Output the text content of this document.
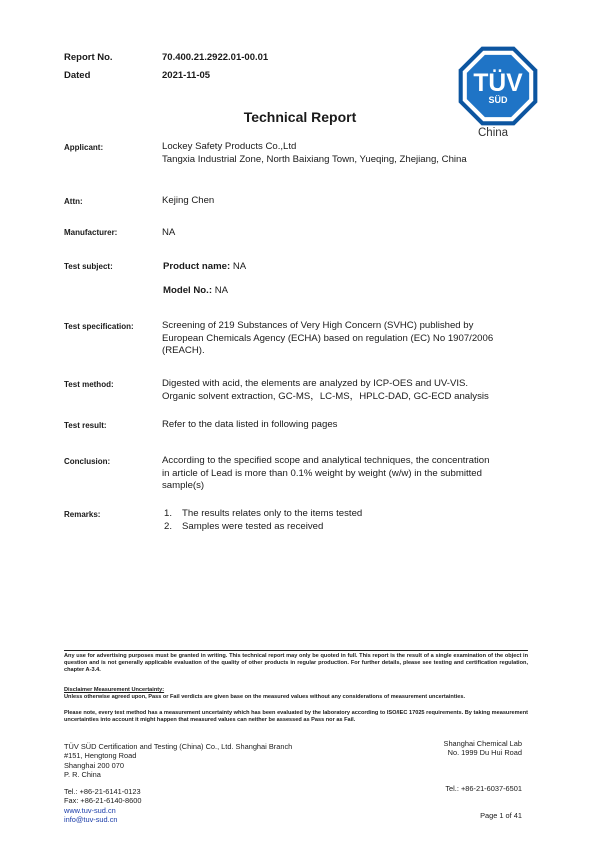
Report No.	70.400.21.2922.01-00.01
Dated	2021-11-05	TÜV
SÜD
China
Technical Report
Applicant:	Lockey Safety Products Co.,Ltd
Tangxia Industrial Zone, North Baixiang Town, Yueqing, Zhejiang, China
Attn:	Kejing Chen
Manufacturer:	NA
Test subject:	Product name: NA
Model No.: NA
Test specification:	Screening of 219 Substances of Very High Concern (SVHC) published by
European Chemicals Agency (ECHA) based on regulation (EC) No 1907/2006
(REACH).
Test method:	Digested with acid, the elements are analyzed by ICP-OES and UV-VIS.
Organic solvent extraction, GC-MS，LC-MS，HPLC-DAD, GC-ECD analysis
Test result:	Refer to the data listed in following pages
Conclusion:	According to the specified scope and analytical techniques, the concentration
in article of Lead is more than 0.1% weight by weight (w/w) in the submitted
sample(s)
Remarks:	1. The results relates only to the items tested
2. Samples were tested as received
Any use for advertising purposes must be granted in writing. This technical report may only be quoted in full. This report is the result of a single examination of the object in question and is not generally applicable evaluation of the quality of other products in regular production. For further details, please see testing and certification regulation, chapter A-3.4.
Disclaimer Measurement Uncertainty:
Unless otherwise agreed upon, Pass or Fail verdicts are given base on the measured values without any considerations of measurement uncertainties.
Please note, every test method has a measurement uncertainty which has been evaluated by the laboratory according to ISO/IEC 17025 requirements. By taking measurement uncertainties into account it might happen that measured values can neither be assessed as Pass nor as Fail.
TÜV SÜD Certification and Testing (China) Co., Ltd. Shanghai Branch
#151, Hengtong Road
Shanghai 200 070
P. R. China
Tel.: +86-21-6141-0123
Fax: +86-21-6140-8600
www.tuv-sud.cn
info@tuv-sud.cn
Shanghai Chemical Lab
No. 1999 Du Hui Road
Tel.: +86-21-6037-6501
Page 1 of 41
